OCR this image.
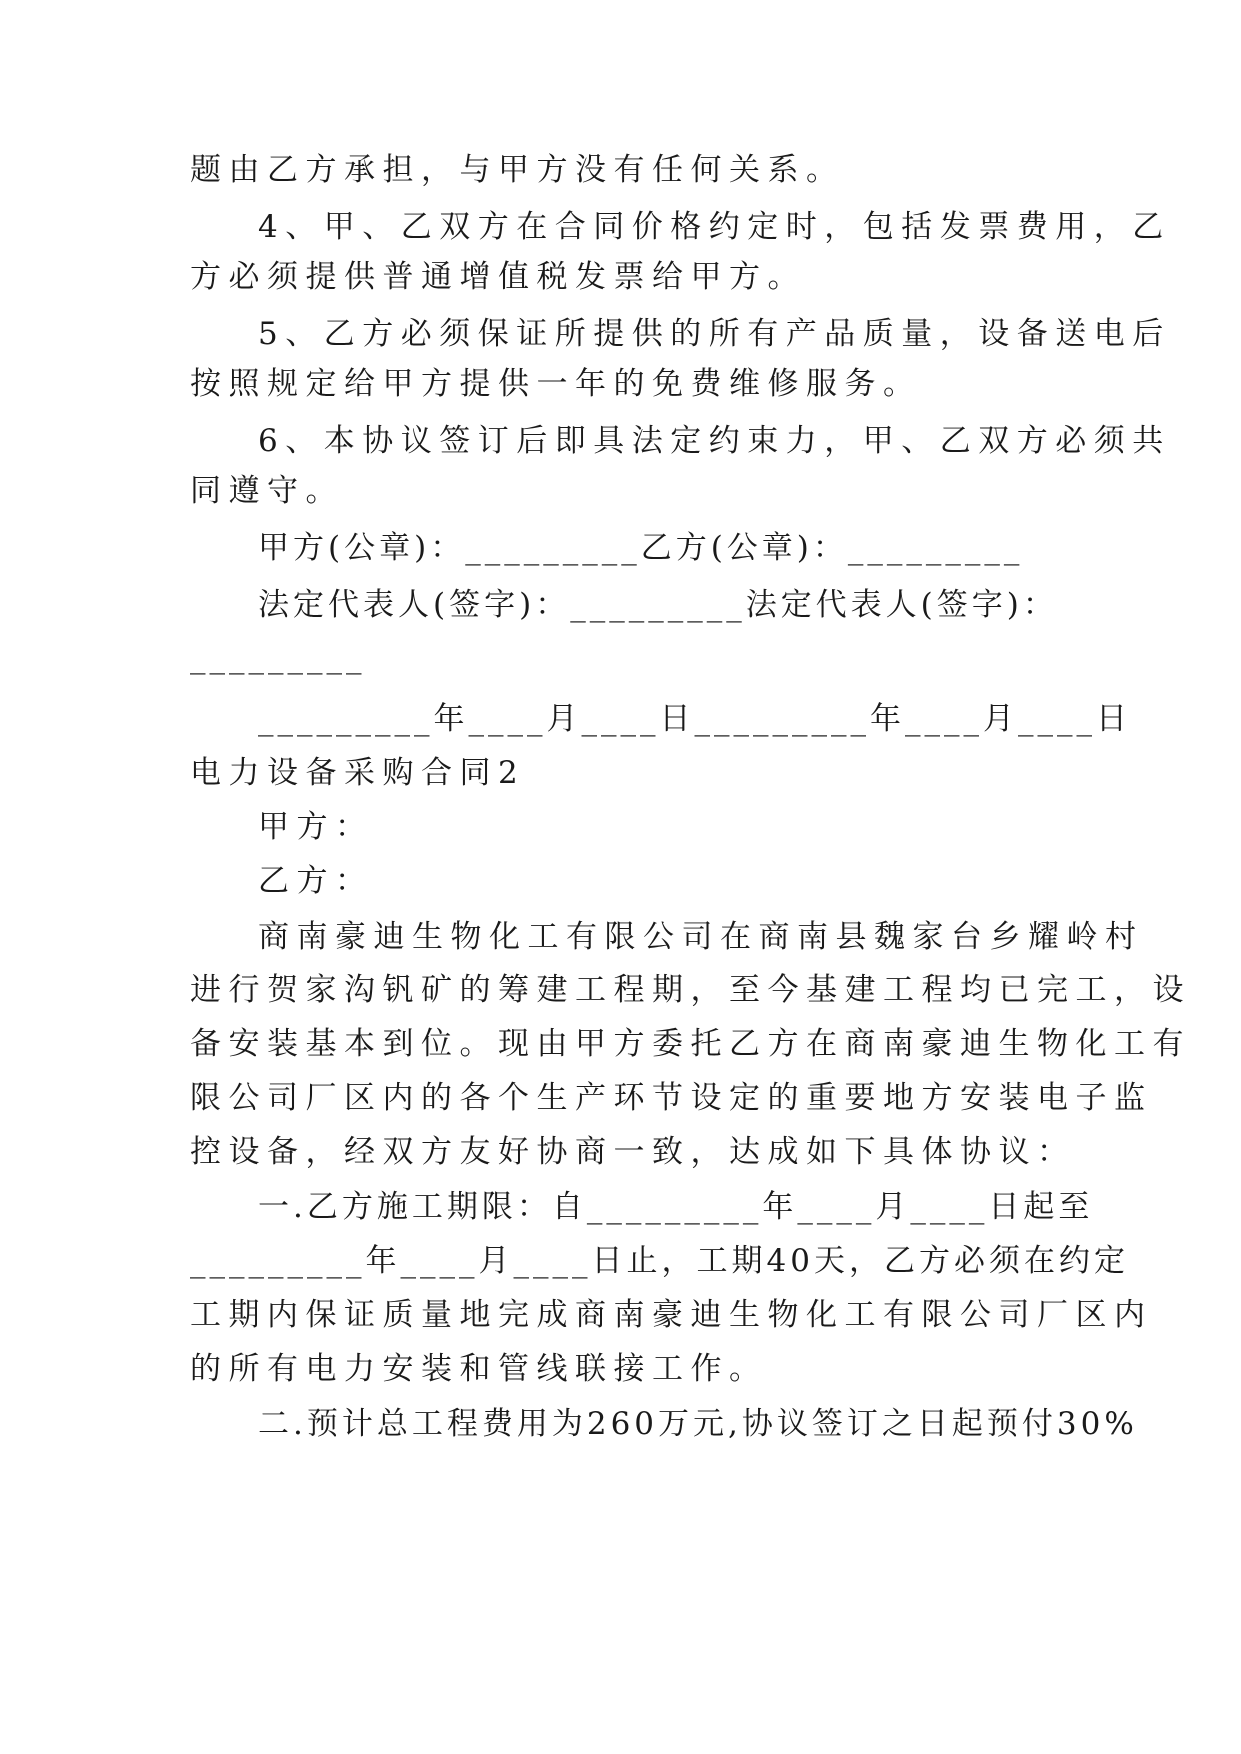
题由乙方承担，与甲方没有任何关系。
4、甲、乙双方在合同价格约定时，包括发票费用，乙
方必须提供普通增值税发票给甲方。
5、乙方必须保证所提供的所有产品质量，设备送电后
按照规定给甲方提供一年的免费维修服务。
6、本协议签订后即具法定约束力，甲、乙双方必须共
同遵守。
甲方(公章)：_________乙方(公章)：_________
法定代表人(签字)：_________法定代表人(签字)：
_________
_________年____月____日_________年____月____日
电力设备采购合同2
甲方：
乙方：
商南豪迪生物化工有限公司在商南县魏家台乡耀岭村
进行贺家沟钒矿的筹建工程期，至今基建工程均已完工，设
备安装基本到位。现由甲方委托乙方在商南豪迪生物化工有
限公司厂区内的各个生产环节设定的重要地方安装电子监
控设备，经双方友好协商一致，达成如下具体协议：
一.乙方施工期限：自_________年____月____日起至
_________年____月____日止，工期40天，乙方必须在约定
工期内保证质量地完成商南豪迪生物化工有限公司厂区内
的所有电力安装和管线联接工作。
二.预计总工程费用为260万元,协议签订之日起预付30%
